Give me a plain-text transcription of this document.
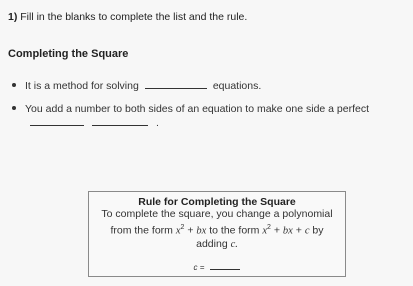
1) Fill in the blanks to complete the list and the rule.
Completing the Square
It is a method for solving	equations.
You add a number to both sides of an equation to make one side a perfect
.
Rule for Completing the Square
To complete the square, you change a polynomial
from the form $x^2$ + bx to the form $x^2$ + bx + c by
adding c.
c =
